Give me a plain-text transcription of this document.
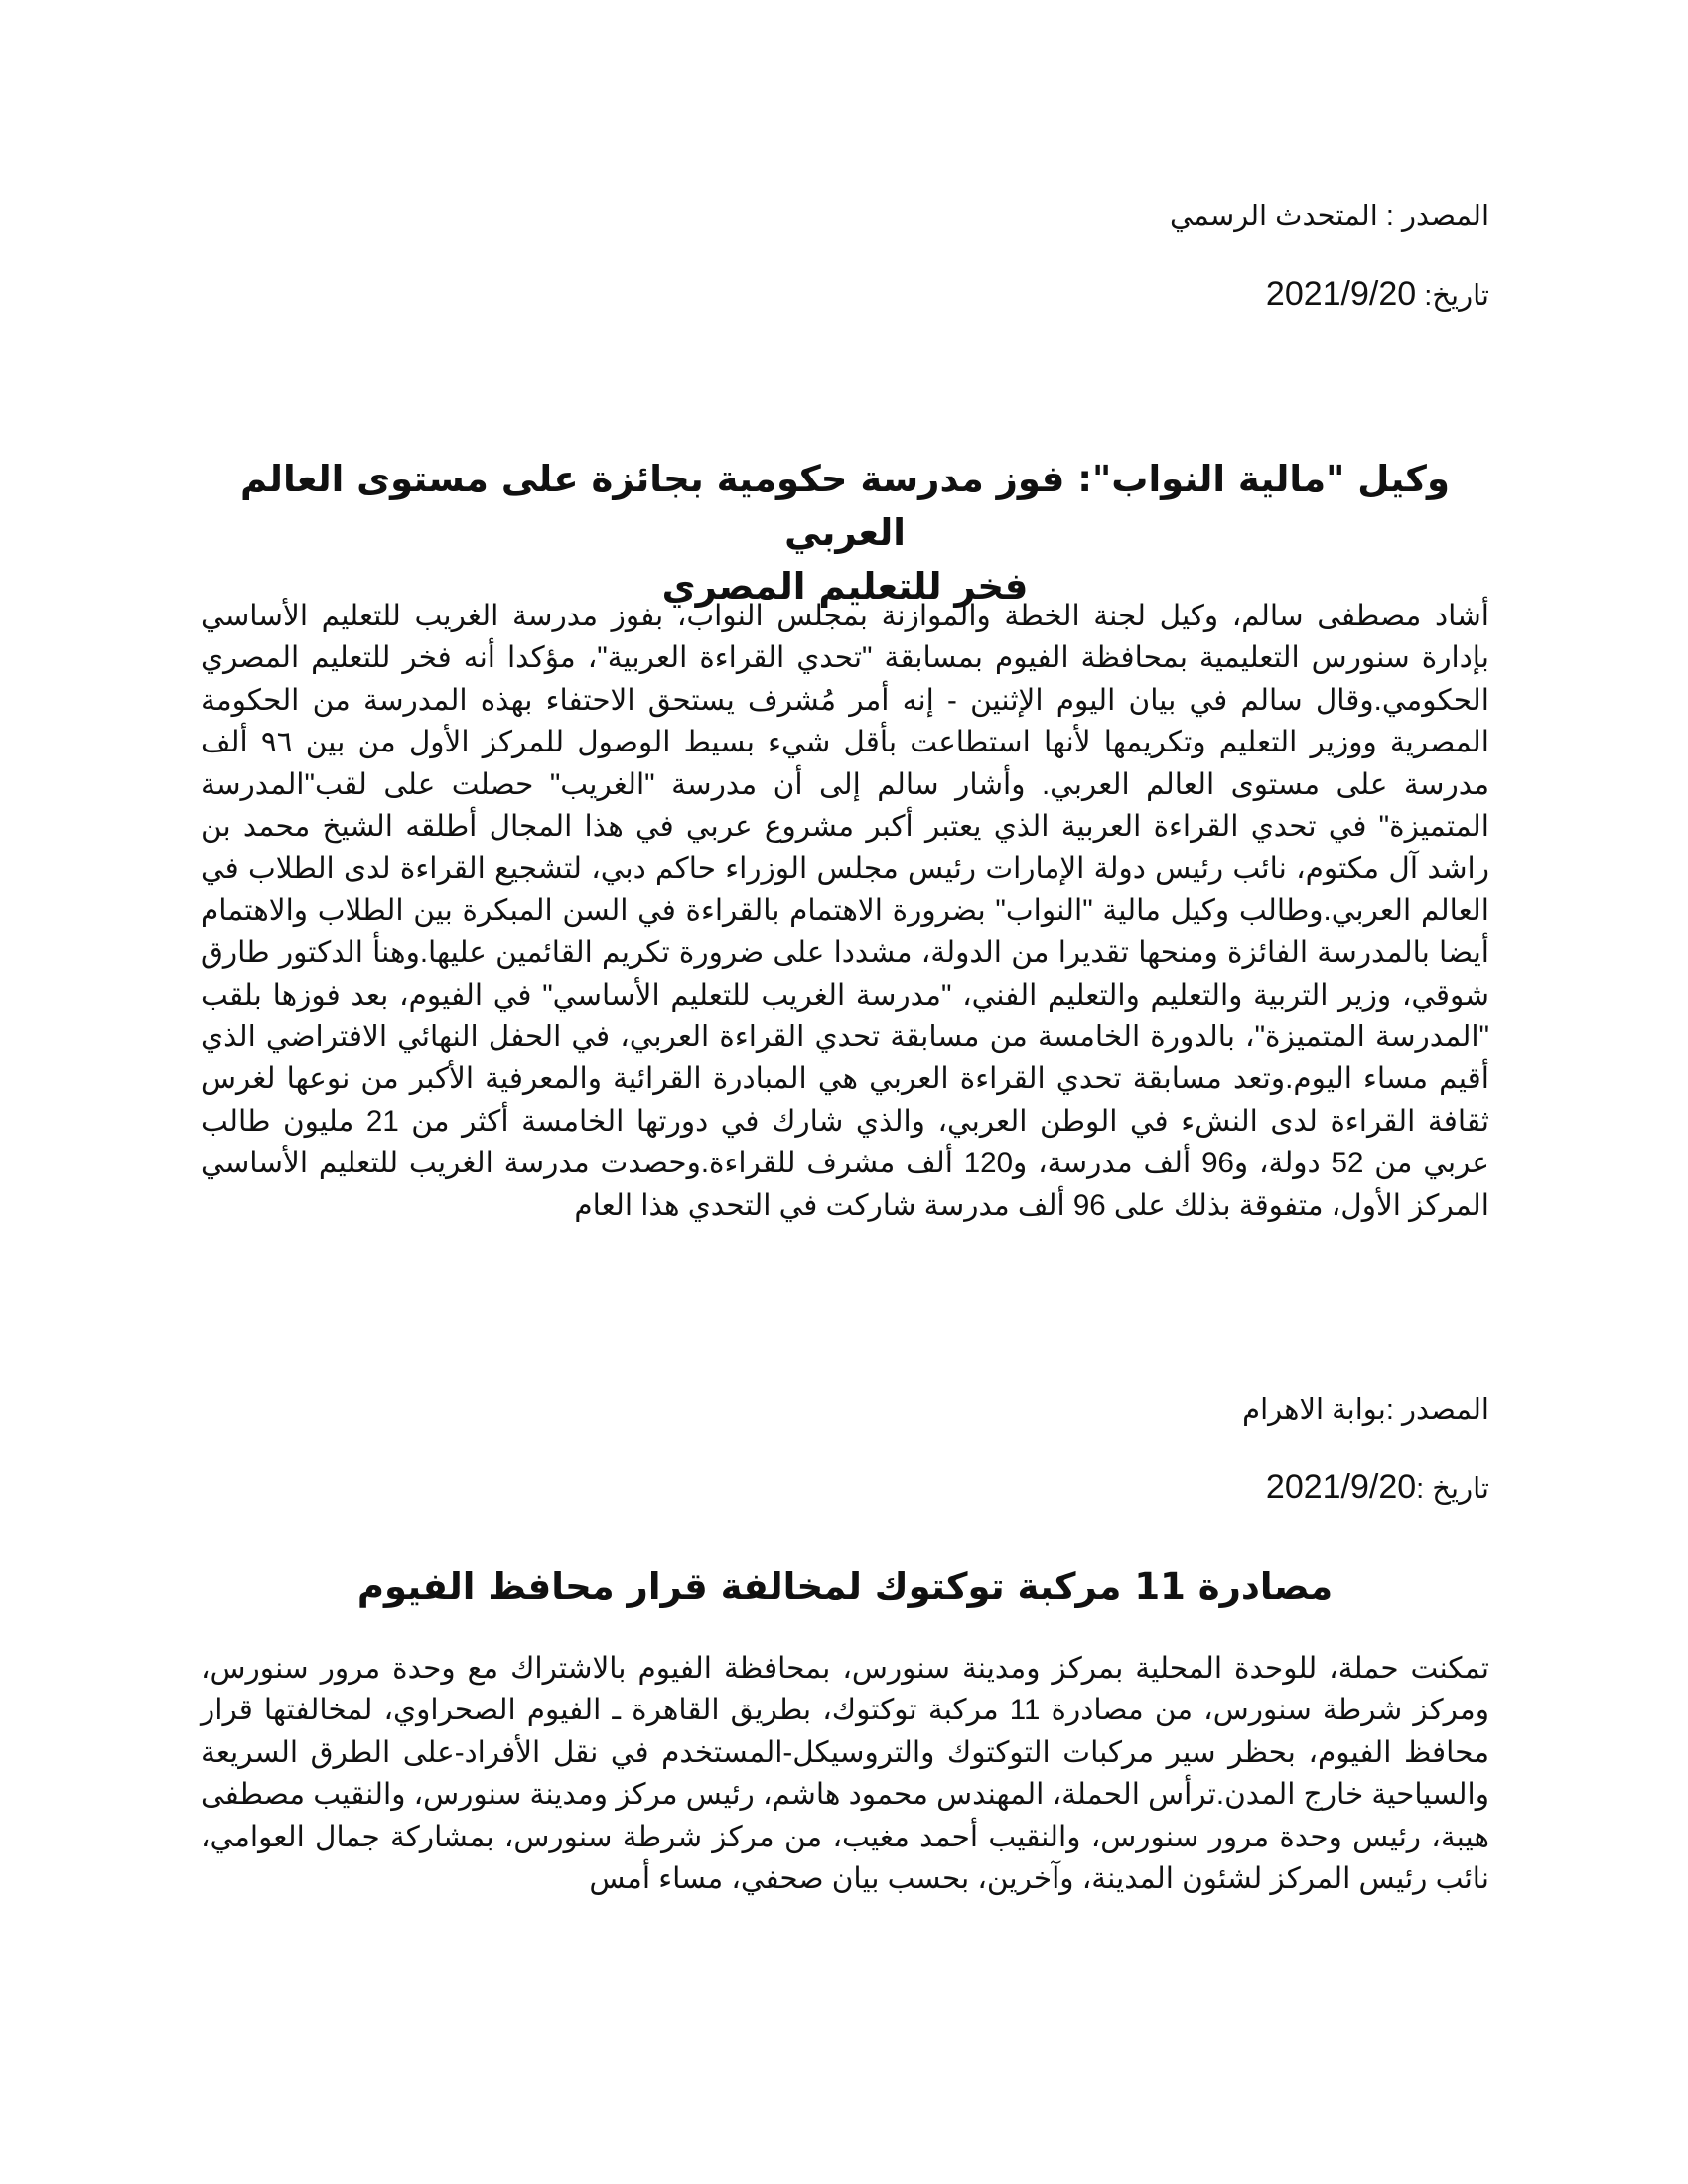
المصدر : المتحدث الرسمي
تاريخ: 2021/9/20
وكيل "مالية النواب": فوز مدرسة حكومية بجائزة على مستوى العالم العربي
فخر للتعليم المصري

أشاد مصطفى سالم، وكيل لجنة الخطة والموازنة بمجلس النواب، بفوز مدرسة الغريب للتعليم الأساسي بإدارة سنورس التعليمية بمحافظة الفيوم بمسابقة "تحدي القراءة العربية"، مؤكدا أنه فخر للتعليم المصري الحكومي.وقال سالم في بيان اليوم الإثنين - إنه أمر مُشرف يستحق الاحتفاء بهذه المدرسة من الحكومة المصرية ووزير التعليم وتكريمها لأنها استطاعت بأقل شيء بسيط الوصول للمركز الأول من بين ٩٦ ألف مدرسة على مستوى العالم العربي. وأشار سالم إلى أن مدرسة "الغريب" حصلت على لقب"المدرسة المتميزة" في تحدي القراءة العربية الذي يعتبر أكبر مشروع عربي في هذا المجال أطلقه الشيخ محمد بن راشد آل مكتوم، نائب رئيس دولة الإمارات رئيس مجلس الوزراء حاكم دبي، لتشجيع القراءة لدى الطلاب في العالم العربي.وطالب وكيل مالية "النواب" بضرورة الاهتمام بالقراءة في السن المبكرة بين الطلاب والاهتمام أيضا بالمدرسة الفائزة ومنحها تقديرا من الدولة، مشددا على ضرورة تكريم القائمين عليها.وهنأ الدكتور طارق شوقي، وزير التربية والتعليم والتعليم الفني، "مدرسة الغريب للتعليم الأساسي" في الفيوم، بعد فوزها بلقب "المدرسة المتميزة"، بالدورة الخامسة من مسابقة تحدي القراءة العربي، في الحفل النهائي الافتراضي الذي أقيم مساء اليوم.وتعد مسابقة تحدي القراءة العربي هي المبادرة القرائية والمعرفية الأكبر من نوعها لغرس ثقافة القراءة لدى النشء في الوطن العربي، والذي شارك في دورتها الخامسة أكثر من 21 مليون طالب عربي من 52 دولة، و96 ألف مدرسة، و120 ألف مشرف للقراءة.وحصدت مدرسة الغريب للتعليم الأساسي المركز الأول، متفوقة بذلك على 96 ألف مدرسة شاركت في التحدي هذا العام

المصدر :بوابة الاهرام
تاريخ :2021/9/20
مصادرة 11 مركبة توكتوك لمخالفة قرار محافظ الفيوم

تمكنت حملة، للوحدة المحلية بمركز ومدينة سنورس، بمحافظة الفيوم بالاشتراك مع وحدة مرور سنورس، ومركز شرطة سنورس، من مصادرة 11 مركبة توكتوك، بطريق القاهرة ـ الفيوم الصحراوي، لمخالفتها قرار محافظ الفيوم، بحظر سير مركبات التوكتوك والتروسيكل-المستخدم في نقل الأفراد-على الطرق السريعة والسياحية خارج المدن.ترأس الحملة، المهندس محمود هاشم، رئيس مركز ومدينة سنورس، والنقيب مصطفى هيبة، رئيس وحدة مرور سنورس، والنقيب أحمد مغيب، من مركز شرطة سنورس، بمشاركة جمال العوامي، نائب رئيس المركز لشئون المدينة، وآخرين، بحسب بيان صحفي، مساء أمس
